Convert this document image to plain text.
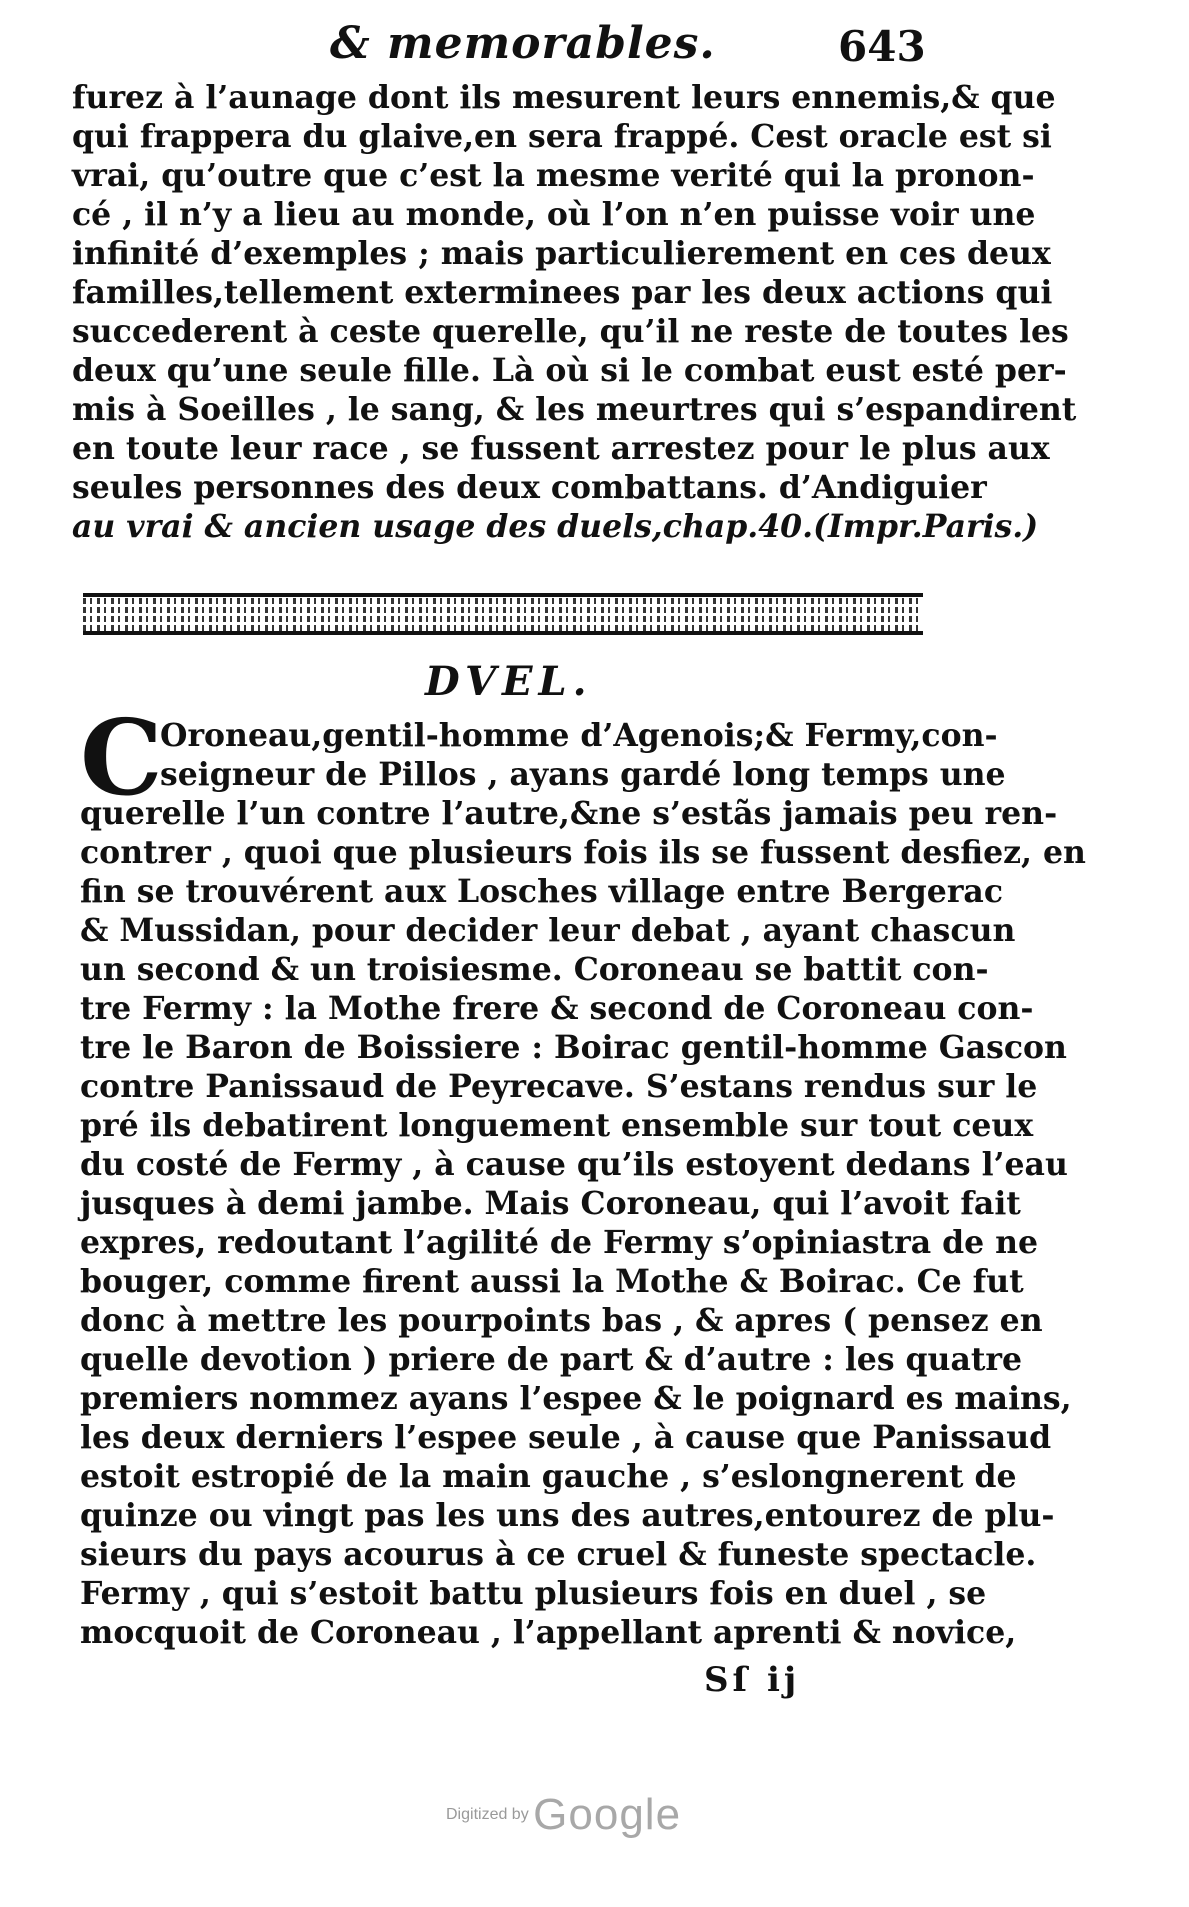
& memorables.	643
furez à l’aunage dont ils mesurent leurs ennemis,& que
qui frappera du glaive,en sera frappé. Cest oracle est si
vrai, qu’outre que c’est la mesme verité qui la pronon-
cé , il n’y a lieu au monde, où l’on n’en puisse voir une
infinité d’exemples ; mais particulierement en ces deux
familles,tellement exterminees par les deux actions qui
succederent à ceste querelle, qu’il ne reste de toutes les
deux qu’une seule fille. Là où si le combat eust esté per-
mis à Soeilles , le sang, & les meurtres qui s’espandirent
en toute leur race , se fussent arrestez pour le plus aux
seules personnes des deux combattans. d’Andiguier
au vrai & ancien usage des duels,chap.40.(Impr.Paris.)
DVEL.
C
Oroneau,gentil-homme d’Agenois;& Fermy,con-
seigneur de Pillos , ayans gardé long temps une
querelle l’un contre l’autre,&ne s’estãs jamais peu ren-
contrer , quoi que plusieurs fois ils se fussent desfiez, en
fin se trouvérent aux Losches village entre Bergerac
& Mussidan, pour decider leur debat , ayant chascun
un second & un troisiesme. Coroneau se battit con-
tre Fermy : la Mothe frere & second de Coroneau con-
tre le Baron de Boissiere : Boirac gentil-homme Gascon
contre Panissaud de Peyrecave. S’estans rendus sur le
pré ils debatirent longuement ensemble sur tout ceux
du costé de Fermy , à cause qu’ils estoyent dedans l’eau
jusques à demi jambe. Mais Coroneau, qui l’avoit fait
expres, redoutant l’agilité de Fermy s’opiniastra de ne
bouger, comme firent aussi la Mothe & Boirac. Ce fut
donc à mettre les pourpoints bas , & apres ( pensez en
quelle devotion ) priere de part & d’autre : les quatre
premiers nommez ayans l’espee & le poignard es mains,
les deux derniers l’espee seule , à cause que Panissaud
estoit estropié de la main gauche , s’eslongnerent de
quinze ou vingt pas les uns des autres,entourez de plu-
sieurs du pays acourus à ce cruel & funeste spectacle.
Fermy , qui s’estoit battu plusieurs fois en duel , se
mocquoit de Coroneau , l’appellant aprenti & novice,
Sſ ij
Digitized by Google
